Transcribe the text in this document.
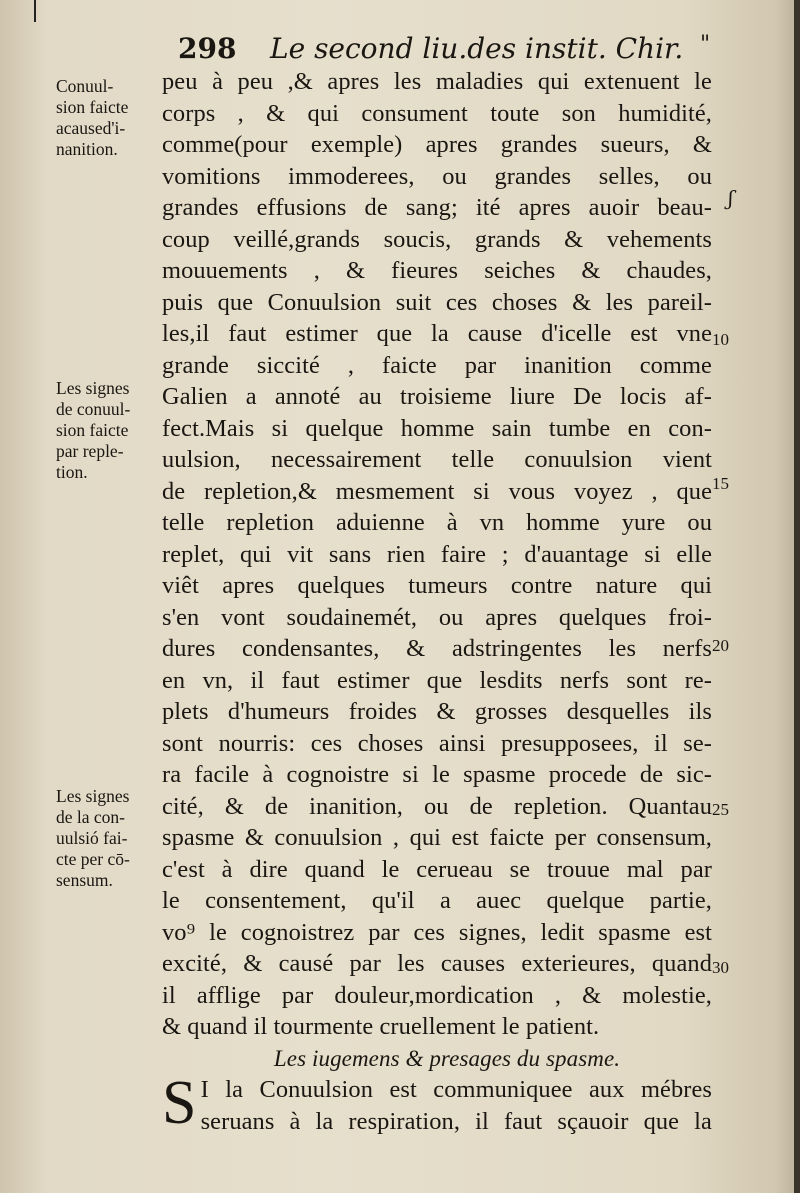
298 Le second liu.des instit. Chir. "
Conuul-
sion faicte
acaused'i-
nanition.
Les signes
de conuul-
sion faicte
par reple-
tion.
Les signes
de la con-
uulsió fai-
cte per cō-
sensum.
peu à peu ,& apres les maladies qui extenuent le
corps , & qui consument toute son humidité,
comme(pour exemple) apres grandes sueurs, &
vomitions immoderees, ou grandes selles, ou
grandes effusions de sang; ité apres auoir beau-
coup veillé,grands soucis, grands & vehements
mouuements , & fieures seiches & chaudes,
puis que Conuulsion suit ces choses & les pareil-
les,il faut estimer que la cause d'icelle est vne
grande siccité , faicte par inanition comme
Galien a annoté au troisieme liure De locis af-
fect.Mais si quelque homme sain tumbe en con-
uulsion, necessairement telle conuulsion vient
de repletion,& mesmement si vous voyez , que
telle repletion aduienne à vn homme yure ou
replet, qui vit sans rien faire ; d'auantage si elle
viêt apres quelques tumeurs contre nature qui
s'en vont soudainemét, ou apres quelques froi-
dures condensantes, & adstringentes les nerfs
en vn, il faut estimer que lesdits nerfs sont re-
plets d'humeurs froides & grosses desquelles ils
sont nourris: ces choses ainsi presupposees, il se-
ra facile à cognoistre si le spasme procede de sic-
cité, & de inanition, ou de repletion. Quantau
spasme & conuulsion , qui est faicte per consensum,
c'est à dire quand le cerueau se trouue mal par
le consentement, qu'il a auec quelque partie,
vo⁹ le cognoistrez par ces signes, ledit spasme est
excité, & causé par les causes exterieures, quand
il afflige par douleur,mordication , & molestie,
& quand il tourmente cruellement le patient.
Les iugemens & presages du spasme.
S I la Conuulsion est communiquee aux mébres
seruans à la respiration, il faut sçauoir que la
10
15
20
25
30
ʃ
